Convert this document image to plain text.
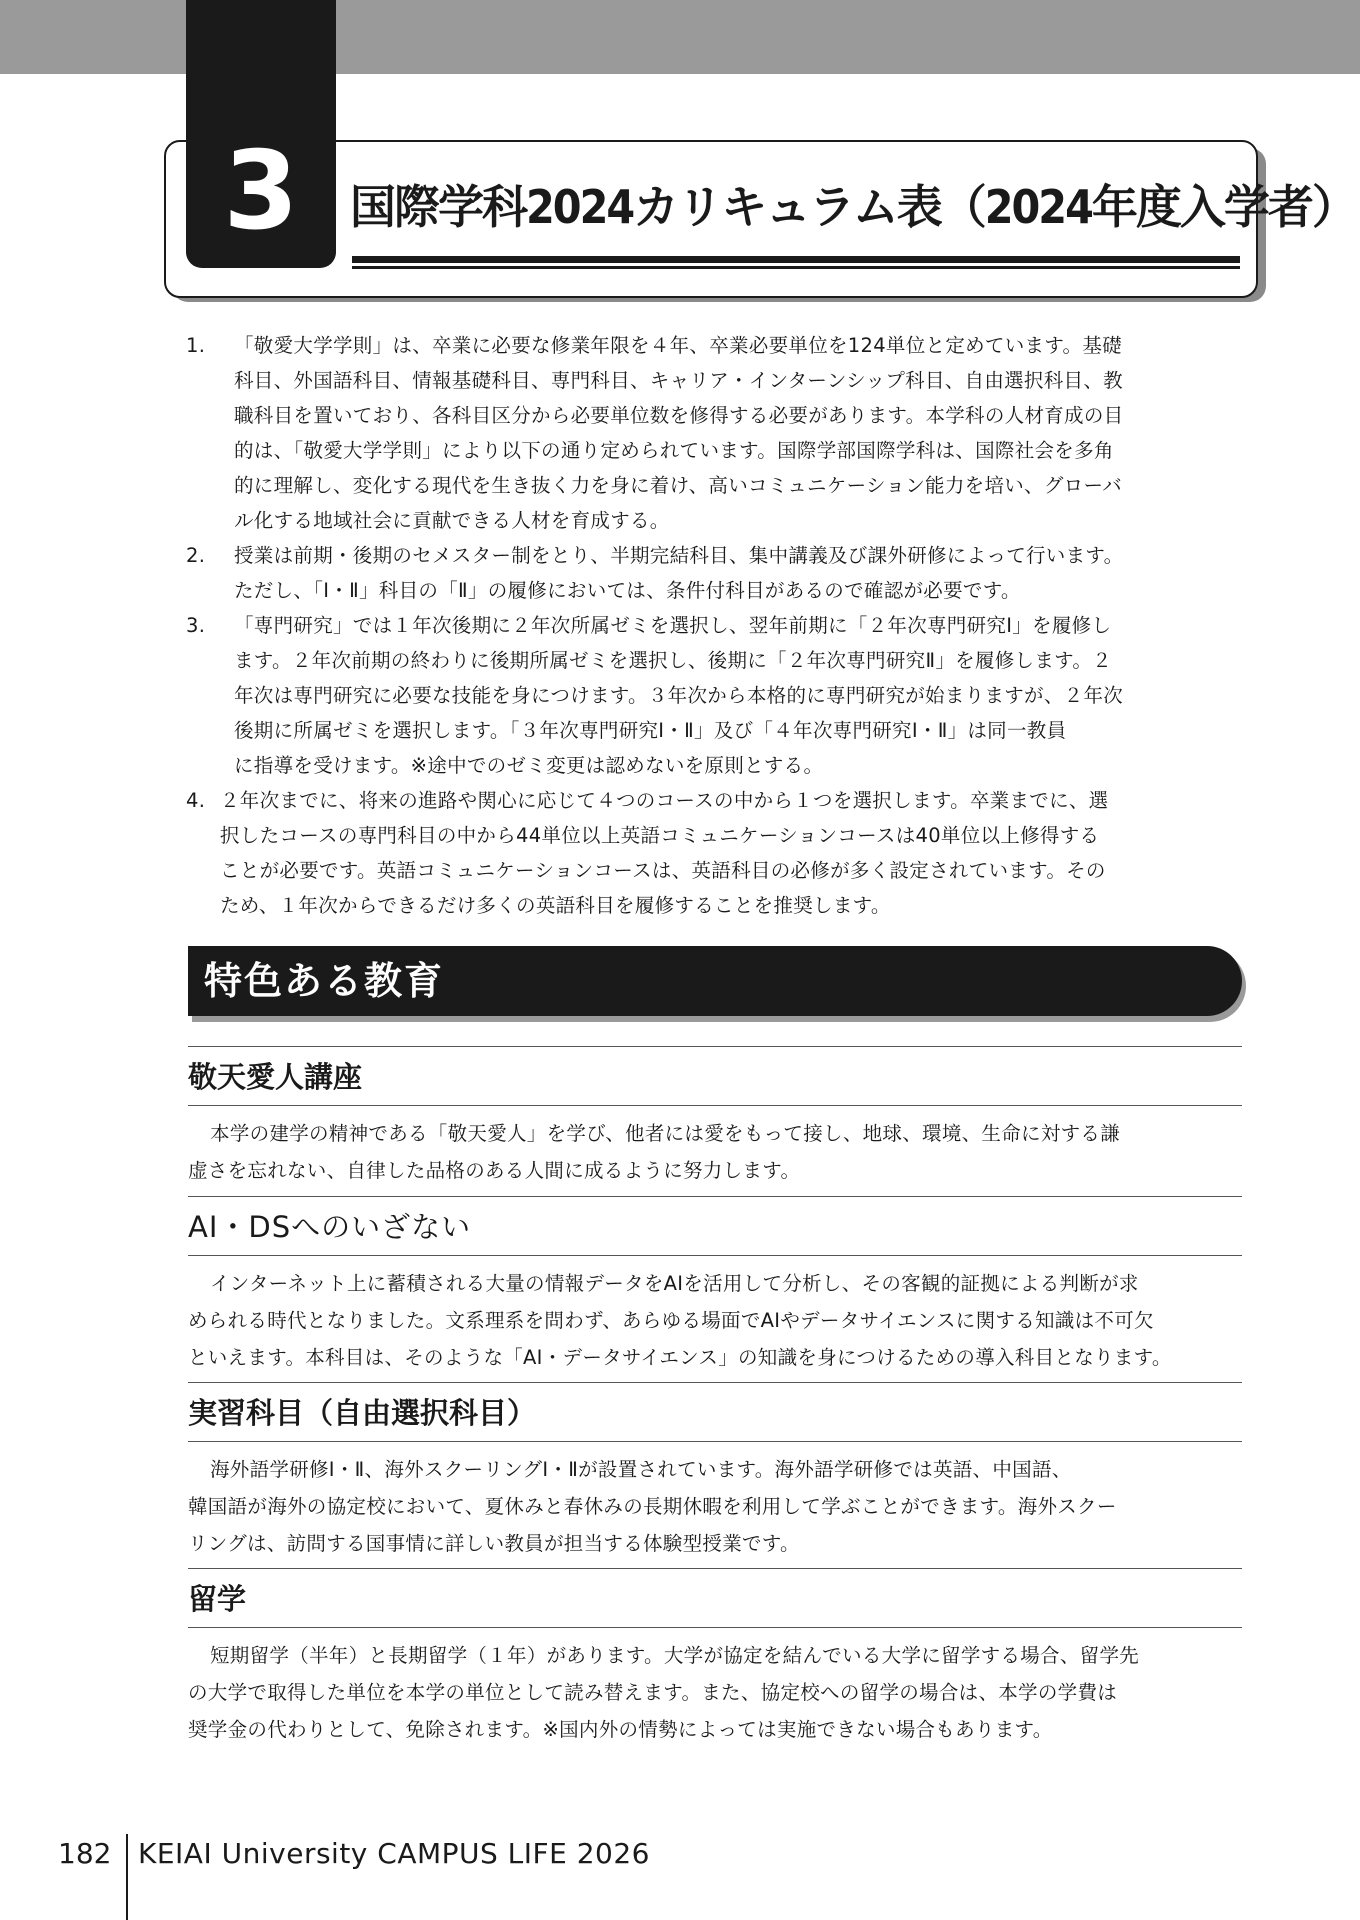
3	国際学科2024カリキュラム表（2024年度入学者）
1. 「敬愛大学学則」は、卒業に必要な修業年限を４年、卒業必要単位を124単位と定めています。基礎
科目、外国語科目、情報基礎科目、専門科目、キャリア・インターンシップ科目、自由選択科目、教
職科目を置いており、各科目区分から必要単位数を修得する必要があります。本学科の人材育成の目
的は、「敬愛大学学則」により以下の通り定められています。国際学部国際学科は、国際社会を多角
的に理解し、変化する現代を生き抜く力を身に着け、高いコミュニケーション能力を培い、グローバ
ル化する地域社会に貢献できる人材を育成する。
2. 授業は前期・後期のセメスター制をとり、半期完結科目、集中講義及び課外研修によって行います。
ただし、「Ⅰ・Ⅱ」科目の「Ⅱ」の履修においては、条件付科目があるので確認が必要です。
3. 「専門研究」では１年次後期に２年次所属ゼミを選択し、翌年前期に「２年次専門研究Ⅰ」を履修し
ます。２年次前期の終わりに後期所属ゼミを選択し、後期に「２年次専門研究Ⅱ」を履修します。２
年次は専門研究に必要な技能を身につけます。３年次から本格的に専門研究が始まりますが、２年次
後期に所属ゼミを選択します。「３年次専門研究Ⅰ・Ⅱ」及び「４年次専門研究Ⅰ・Ⅱ」は同一教員
に指導を受けます。※途中でのゼミ変更は認めないを原則とする。
4. ２年次までに、将来の進路や関心に応じて４つのコースの中から１つを選択します。卒業までに、選
択したコースの専門科目の中から44単位以上英語コミュニケーションコースは40単位以上修得する
ことが必要です。英語コミュニケーションコースは、英語科目の必修が多く設定されています。その
ため、１年次からできるだけ多くの英語科目を履修することを推奨します。
特色ある教育
敬天愛人講座
本学の建学の精神である「敬天愛人」を学び、他者には愛をもって接し、地球、環境、生命に対する謙
虚さを忘れない、自律した品格のある人間に成るように努力します。
AI・DSへのいざない
インターネット上に蓄積される大量の情報データをAIを活用して分析し、その客観的証拠による判断が求
められる時代となりました。文系理系を問わず、あらゆる場面でAIやデータサイエンスに関する知識は不可欠
といえます。本科目は、そのような「AI・データサイエンス」の知識を身につけるための導入科目となります。
実習科目（自由選択科目）
海外語学研修Ⅰ・Ⅱ、海外スクーリングⅠ・Ⅱが設置されています。海外語学研修では英語、中国語、
韓国語が海外の協定校において、夏休みと春休みの長期休暇を利用して学ぶことができます。海外スクー
リングは、訪問する国事情に詳しい教員が担当する体験型授業です。
留学
短期留学（半年）と長期留学（１年）があります。大学が協定を結んでいる大学に留学する場合、留学先
の大学で取得した単位を本学の単位として読み替えます。また、協定校への留学の場合は、本学の学費は
奨学金の代わりとして、免除されます。※国内外の情勢によっては実施できない場合もあります。
182 KEIAI University CAMPUS LIFE 2026
